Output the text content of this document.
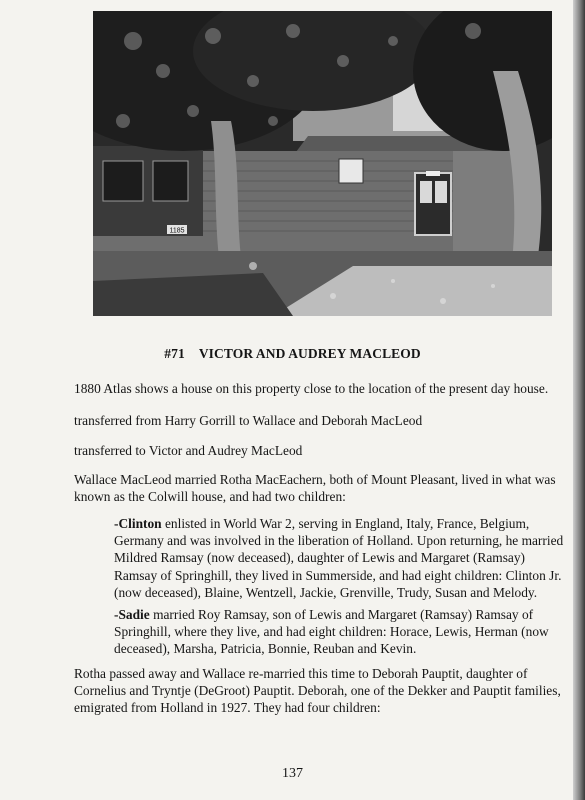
1185
#71 VICTOR AND AUDREY MACLEOD
1880 Atlas shows a house on this property close to the location of the present day house.
transferred from Harry Gorrill to Wallace and Deborah MacLeod
transferred to Victor and Audrey MacLeod

Wallace MacLeod married Rotha MacEachern, both of Mount Pleasant, lived in what was known as the Colwill house, and had two children:

-Clinton enlisted in World War 2, serving in England, Italy, France, Belgium, Germany and was involved in the liberation of Holland. Upon returning, he married Mildred Ramsay (now deceased), daughter of Lewis and Margaret (Ramsay) Ramsay of Springhill, they lived in Summerside, and had eight children: Clinton Jr.(now deceased), Blaine, Wentzell, Jackie, Grenville, Trudy, Susan and Melody.

-Sadie married Roy Ramsay, son of Lewis and Margaret (Ramsay) Ramsay of Springhill, where they live, and had eight children: Horace, Lewis, Herman (now deceased), Marsha, Patricia, Bonnie, Reuban and Kevin.

Rotha passed away and Wallace re-married this time to Deborah Pauptit, daughter of Cornelius and Tryntje (DeGroot) Pauptit. Deborah, one of the Dekker and Pauptit families, emigrated from Holland in 1927. They had four children:

137
